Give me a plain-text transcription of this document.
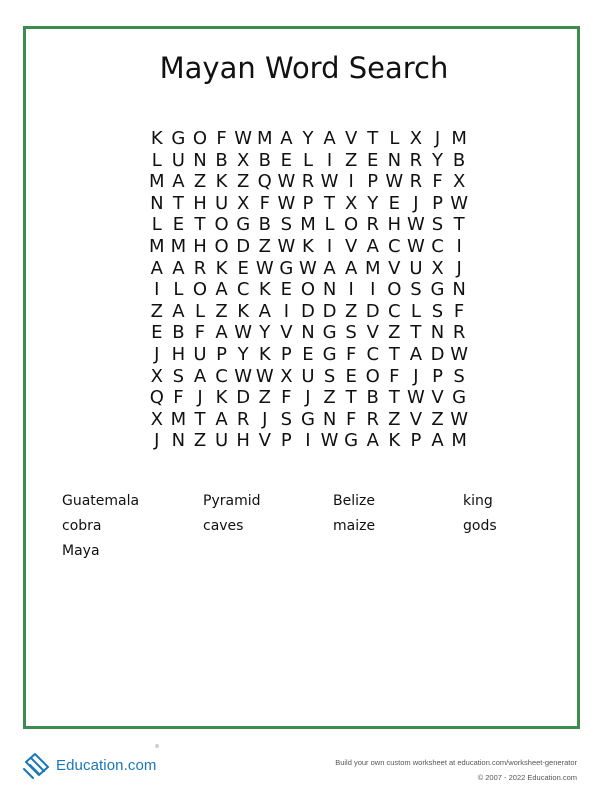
Mayan Word Search
K G O F W M A Y A V T L X J M
L U N B X B E L I Z E N R Y B
M A Z K Z Q W R W I P W R F X
N T H U X F W P T X Y E J P W
L E T O G B S M L O R H W S T
M M H O D Z W K I V A C W C I
A A R K E W G W A A M V U X J
I L O A C K E O N I I O S G N
Z A L Z K A I D D Z D C L S F
E B F A W Y V N G S V Z T N R
J H U P Y K P E G F C T A D W
X S A C W W X U S E O F J P S
Q F J K D Z F J Z T B T W V G
X M T A R J S G N F R Z V Z W
J N Z U H V P I W G A K P A M
Guatemala	Pyramid	Belize	king
cobra	caves	maize	gods
Maya
Education.com	Build your own custom worksheet at education.com/worksheet-generator
© 2007 - 2022 Education.com
